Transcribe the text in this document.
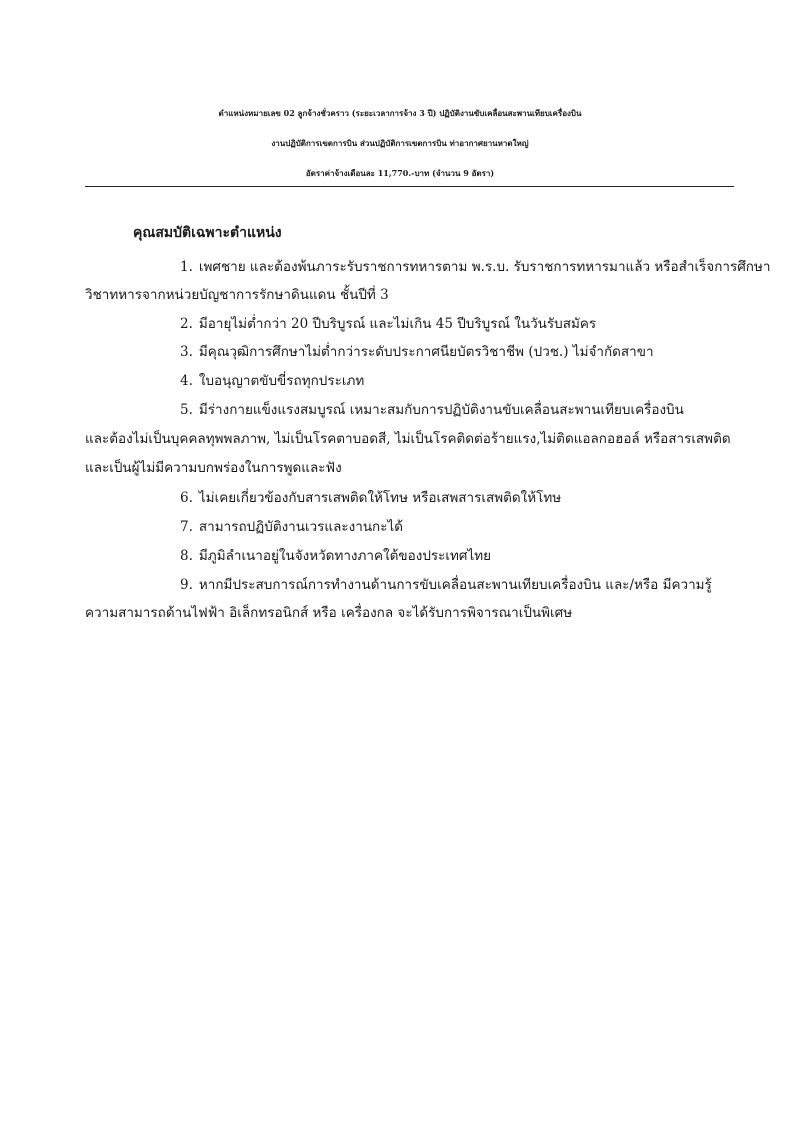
ตำแหน่งหมายเลข 02 ลูกจ้างชั่วคราว (ระยะเวลาการจ้าง 3 ปี) ปฏิบัติงานขับเคลื่อนสะพานเทียบเครื่องบิน
งานปฏิบัติการเขตการบิน ส่วนปฏิบัติการเขตการบิน ท่าอากาศยานหาดใหญ่
อัตราค่าจ้างเดือนละ 11,770.-บาท (จำนวน 9 อัตรา)
คุณสมบัติเฉพาะตำแหน่ง
1. เพศชาย และต้องพ้นภาระรับราชการทหารตาม พ.ร.บ. รับราชการทหารมาแล้ว หรือสำเร็จการศึกษา
วิชาทหารจากหน่วยบัญชาการรักษาดินแดน ชั้นปีที่ 3
2. มีอายุไม่ต่ำกว่า 20 ปีบริบูรณ์ และไม่เกิน 45 ปีบริบูรณ์ ในวันรับสมัคร
3. มีคุณวุฒิการศึกษาไม่ต่ำกว่าระดับประกาศนียบัตรวิชาชีพ (ปวช.) ไม่จำกัดสาขา
4. ใบอนุญาตขับขี่รถทุกประเภท
5. มีร่างกายแข็งแรงสมบูรณ์ เหมาะสมกับการปฏิบัติงานขับเคลื่อนสะพานเทียบเครื่องบิน
และต้องไม่เป็นบุคคลทุพพลภาพ, ไม่เป็นโรคตาบอดสี, ไม่เป็นโรคติดต่อร้ายแรง,ไม่ติดแอลกอฮอล์ หรือสารเสพติด
และเป็นผู้ไม่มีความบกพร่องในการพูดและฟัง
6. ไม่เคยเกี่ยวข้องกับสารเสพติดให้โทษ หรือเสพสารเสพติดให้โทษ
7. สามารถปฏิบัติงานเวรและงานกะได้
8. มีภูมิลำเนาอยู่ในจังหวัดทางภาคใต้ของประเทศไทย
9. หากมีประสบการณ์การทำงานด้านการขับเคลื่อนสะพานเทียบเครื่องบิน และ/หรือ มีความรู้
ความสามารถด้านไฟฟ้า อิเล็กทรอนิกส์ หรือ เครื่องกล จะได้รับการพิจารณาเป็นพิเศษ
